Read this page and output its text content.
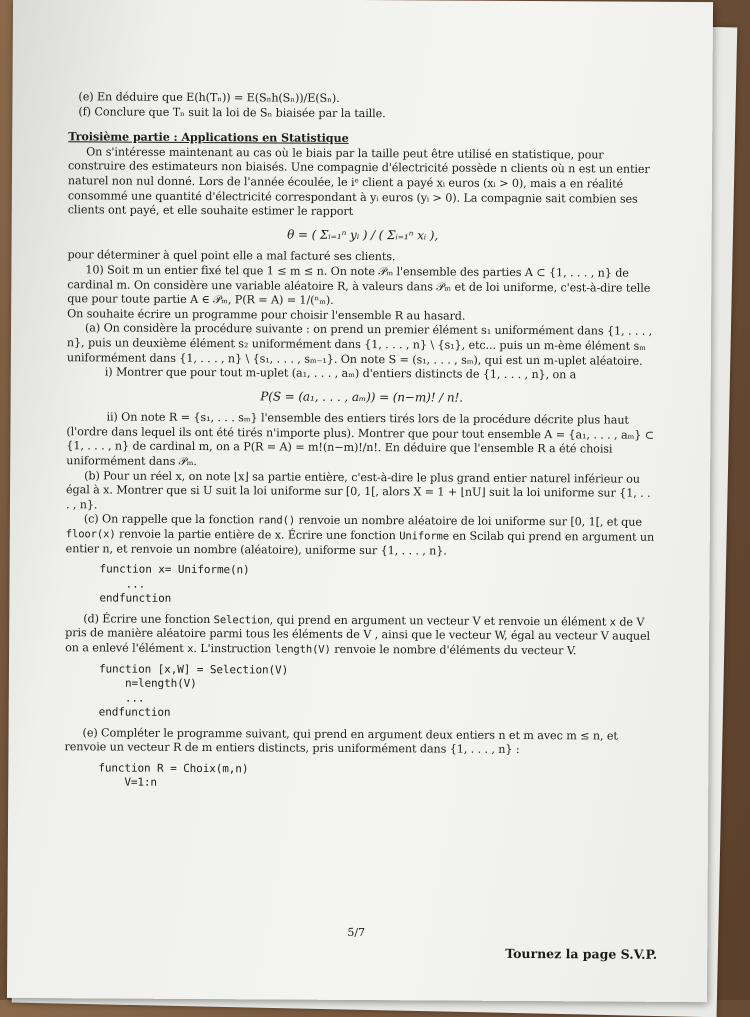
(e) En déduire que E(h(Tₙ)) = E(Sₙh(Sₙ))/E(Sₙ).

(f) Conclure que Tₙ suit la loi de Sₙ biaisée par la taille.

Troisième partie : Applications en Statistique

On s'intéresse maintenant au cas où le biais par la taille peut être utilisé en statistique, pour construire des estimateurs non biaisés. Une compagnie d'électricité possède n clients où n est un entier naturel non nul donné. Lors de l'année écoulée, le iᵉ client a payé xᵢ euros (xᵢ > 0), mais a en réalité consommé une quantité d'électricité correspondant à yᵢ euros (yᵢ > 0). La compagnie sait combien ses clients ont payé, et elle souhaite estimer le rapport

θ = ( Σᵢ₌₁ⁿ yᵢ ) / ( Σᵢ₌₁ⁿ xᵢ ),

pour déterminer à quel point elle a mal facturé ses clients.

10) Soit m un entier fixé tel que 1 ≤ m ≤ n. On note 𝒫ₘ l'ensemble des parties A ⊂ {1, . . . , n} de cardinal m. On considère une variable aléatoire R, à valeurs dans 𝒫ₘ et de loi uniforme, c'est-à-dire telle que pour toute partie A ∈ 𝒫ₘ, P(R = A) = 1/(ⁿₘ).

On souhaite écrire un programme pour choisir l'ensemble R au hasard.

(a) On considère la procédure suivante : on prend un premier élément s₁ uniformément dans {1, . . . , n}, puis un deuxième élément s₂ uniformément dans {1, . . . , n} \ {s₁}, etc... puis un m-ème élément sₘ uniformément dans {1, . . . , n} \ {s₁, . . . , sₘ₋₁}. On note S = (s₁, . . . , sₘ), qui est un m-uplet aléatoire.

i) Montrer que pour tout m-uplet (a₁, . . . , aₘ) d'entiers distincts de {1, . . . , n}, on a

P(S = (a₁, . . . , aₘ)) = (n−m)! / n!.

ii) On note R = {s₁, . . . sₘ} l'ensemble des entiers tirés lors de la procédure décrite plus haut (l'ordre dans lequel ils ont été tirés n'importe plus). Montrer que pour tout ensemble A = {a₁, . . . , aₘ} ⊂ {1, . . . , n} de cardinal m, on a P(R = A) = m!(n−m)!/n!. En déduire que l'ensemble R a été choisi uniformément dans 𝒫ₘ.

(b) Pour un réel x, on note ⌊x⌋ sa partie entière, c'est-à-dire le plus grand entier naturel inférieur ou égal à x. Montrer que si U suit la loi uniforme sur [0, 1[, alors X = 1 + ⌊nU⌋ suit la loi uniforme sur {1, . . . , n}.

(c) On rappelle que la fonction rand() renvoie un nombre aléatoire de loi uniforme sur [0, 1[, et que floor(x) renvoie la partie entière de x. Écrire une fonction Uniforme en Scilab qui prend en argument un entier n, et renvoie un nombre (aléatoire), uniforme sur {1, . . . , n}.

function x= Uniforme(n)
...
endfunction

(d) Écrire une fonction Selection, qui prend en argument un vecteur V et renvoie un élément x de V pris de manière aléatoire parmi tous les éléments de V , ainsi que le vecteur W, égal au vecteur V auquel on a enlevé l'élément x. L'instruction length(V) renvoie le nombre d'éléments du vecteur V.

function [x,W] = Selection(V)
n=length(V)
...
endfunction

(e) Compléter le programme suivant, qui prend en argument deux entiers n et m avec m ≤ n, et renvoie un vecteur R de m entiers distincts, pris uniformément dans {1, . . . , n} :

function R = Choix(m,n)
V=1:n
5/7
Tournez la page S.V.P.
